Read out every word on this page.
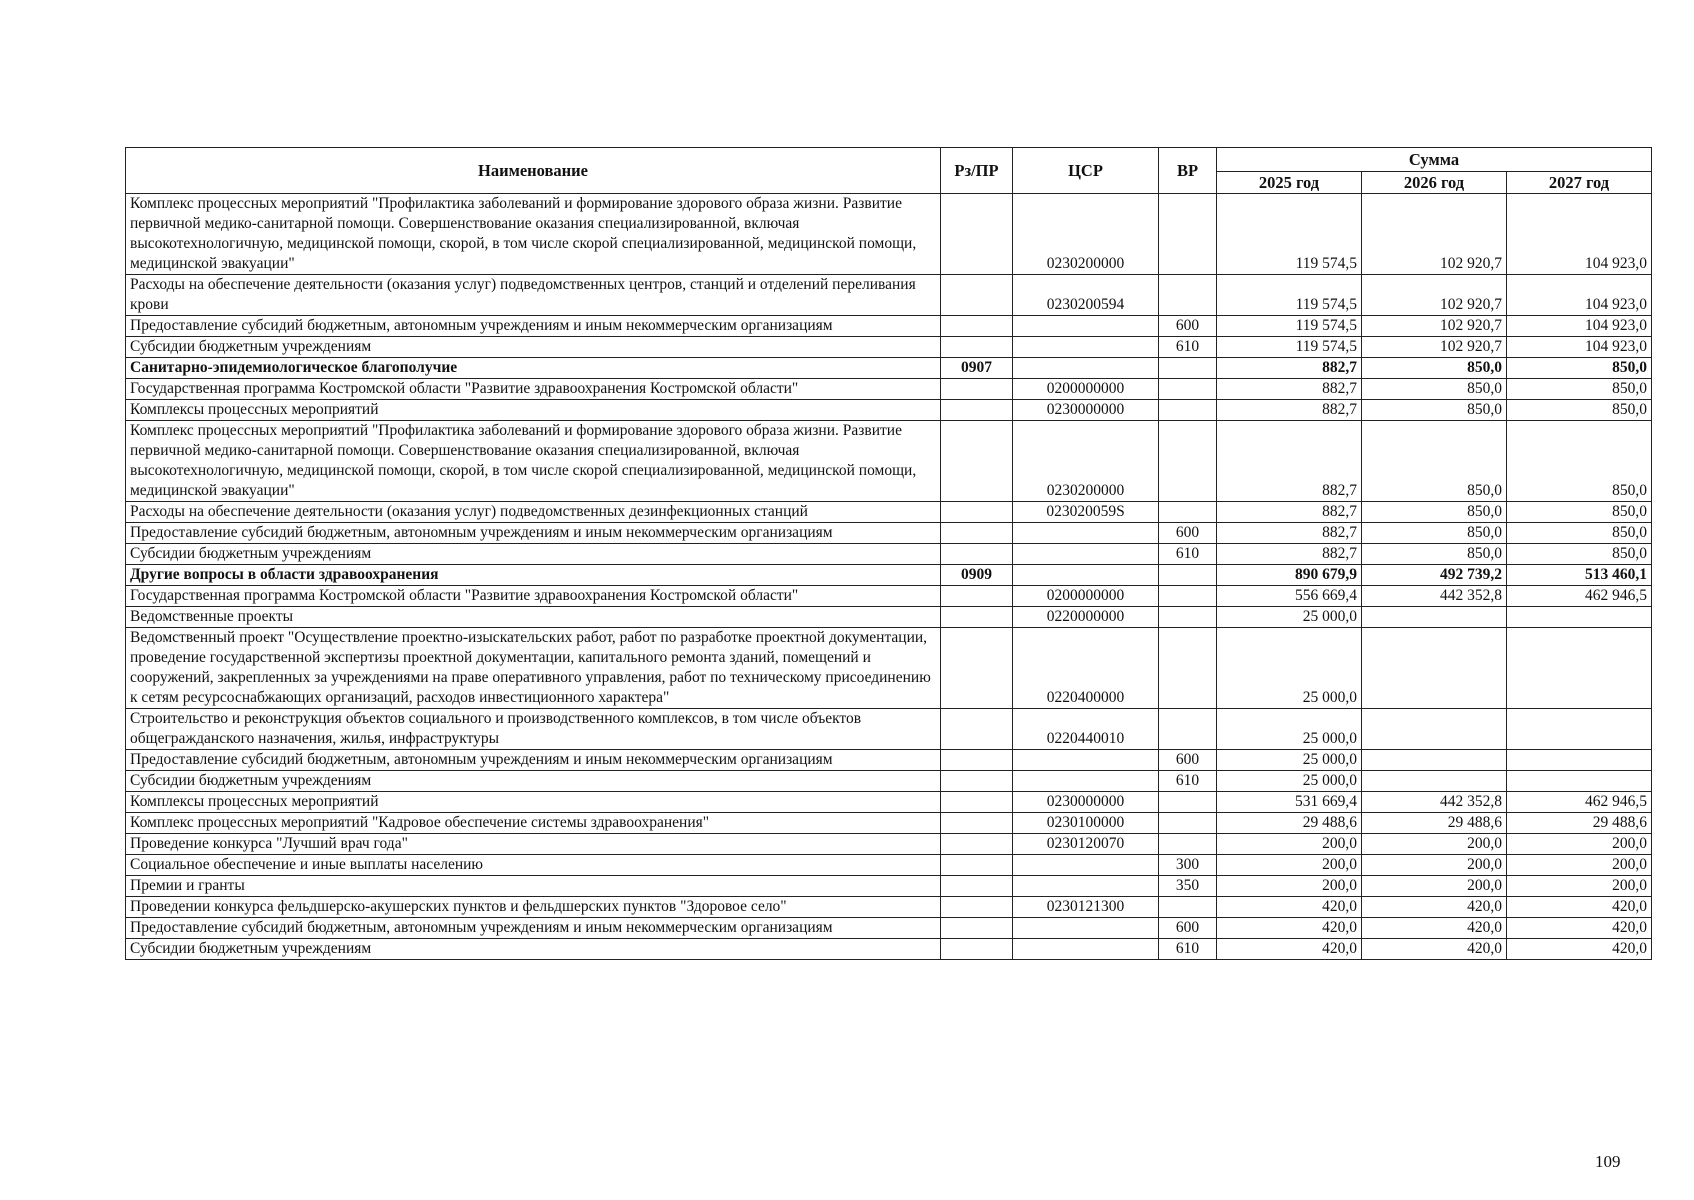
Наименование	Рз/ПР	ЦСР	ВР	Сумма		
				2025 год	2026 год	2027 год
Комплекс процессных мероприятий "Профилактика заболеваний и формирование здорового образа жизни. Развитие первичной медико-санитарной помощи. Совершенствование оказания специализированной, включая высокотехнологичную, медицинской помощи, скорой, в том числе скорой специализированной, медицинской помощи, медицинской эвакуации"		0230200000		119 574,5	102 920,7	104 923,0
Расходы на обеспечение деятельности (оказания услуг) подведомственных центров, станций и отделений переливания крови		0230200594		119 574,5	102 920,7	104 923,0
Предоставление субсидий бюджетным, автономным учреждениям и иным некоммерческим организациям			600	119 574,5	102 920,7	104 923,0
Субсидии бюджетным учреждениям			610	119 574,5	102 920,7	104 923,0
Санитарно-эпидемиологическое благополучие	0907			882,7	850,0	850,0
Государственная программа Костромской области "Развитие здравоохранения Костромской области"		0200000000		882,7	850,0	850,0
Комплексы процессных мероприятий		0230000000		882,7	850,0	850,0
Комплекс процессных мероприятий "Профилактика заболеваний и формирование здорового образа жизни. Развитие первичной медико-санитарной помощи. Совершенствование оказания специализированной, включая высокотехнологичную, медицинской помощи, скорой, в том числе скорой специализированной, медицинской помощи, медицинской эвакуации"		0230200000		882,7	850,0	850,0
Расходы на обеспечение деятельности (оказания услуг) подведомственных дезинфекционных станций		023020059S		882,7	850,0	850,0
Предоставление субсидий бюджетным, автономным учреждениям и иным некоммерческим организациям			600	882,7	850,0	850,0
Субсидии бюджетным учреждениям			610	882,7	850,0	850,0
Другие вопросы в области здравоохранения	0909			890 679,9	492 739,2	513 460,1
Государственная программа Костромской области "Развитие здравоохранения Костромской области"		0200000000		556 669,4	442 352,8	462 946,5
Ведомственные проекты		0220000000		25 000,0		
Ведомственный проект "Осуществление проектно-изыскательских работ, работ по разработке проектной документации, проведение государственной экспертизы проектной документации, капитального ремонта зданий, помещений и сооружений, закрепленных за учреждениями на праве оперативного управления, работ по техническому присоединению к сетям ресурсоснабжающих организаций, расходов инвестиционного характера"		0220400000		25 000,0		
Строительство и реконструкция объектов социального и производственного комплексов, в том числе объектов общегражданского назначения, жилья, инфраструктуры		0220440010		25 000,0		
Предоставление субсидий бюджетным, автономным учреждениям и иным некоммерческим организациям			600	25 000,0		
Субсидии бюджетным учреждениям			610	25 000,0		
Комплексы процессных мероприятий		0230000000		531 669,4	442 352,8	462 946,5
Комплекс процессных мероприятий "Кадровое обеспечение системы здравоохранения"		0230100000		29 488,6	29 488,6	29 488,6
Проведение конкурса "Лучший врач года"		0230120070		200,0	200,0	200,0
Социальное обеспечение и иные выплаты населению			300	200,0	200,0	200,0
Премии и гранты			350	200,0	200,0	200,0
Проведении конкурса фельдшерско-акушерских пунктов и фельдшерских пунктов "Здоровое село"		0230121300		420,0	420,0	420,0
Предоставление субсидий бюджетным, автономным учреждениям и иным некоммерческим организациям			600	420,0	420,0	420,0
Субсидии бюджетным учреждениям			610	420,0	420,0	420,0
109
